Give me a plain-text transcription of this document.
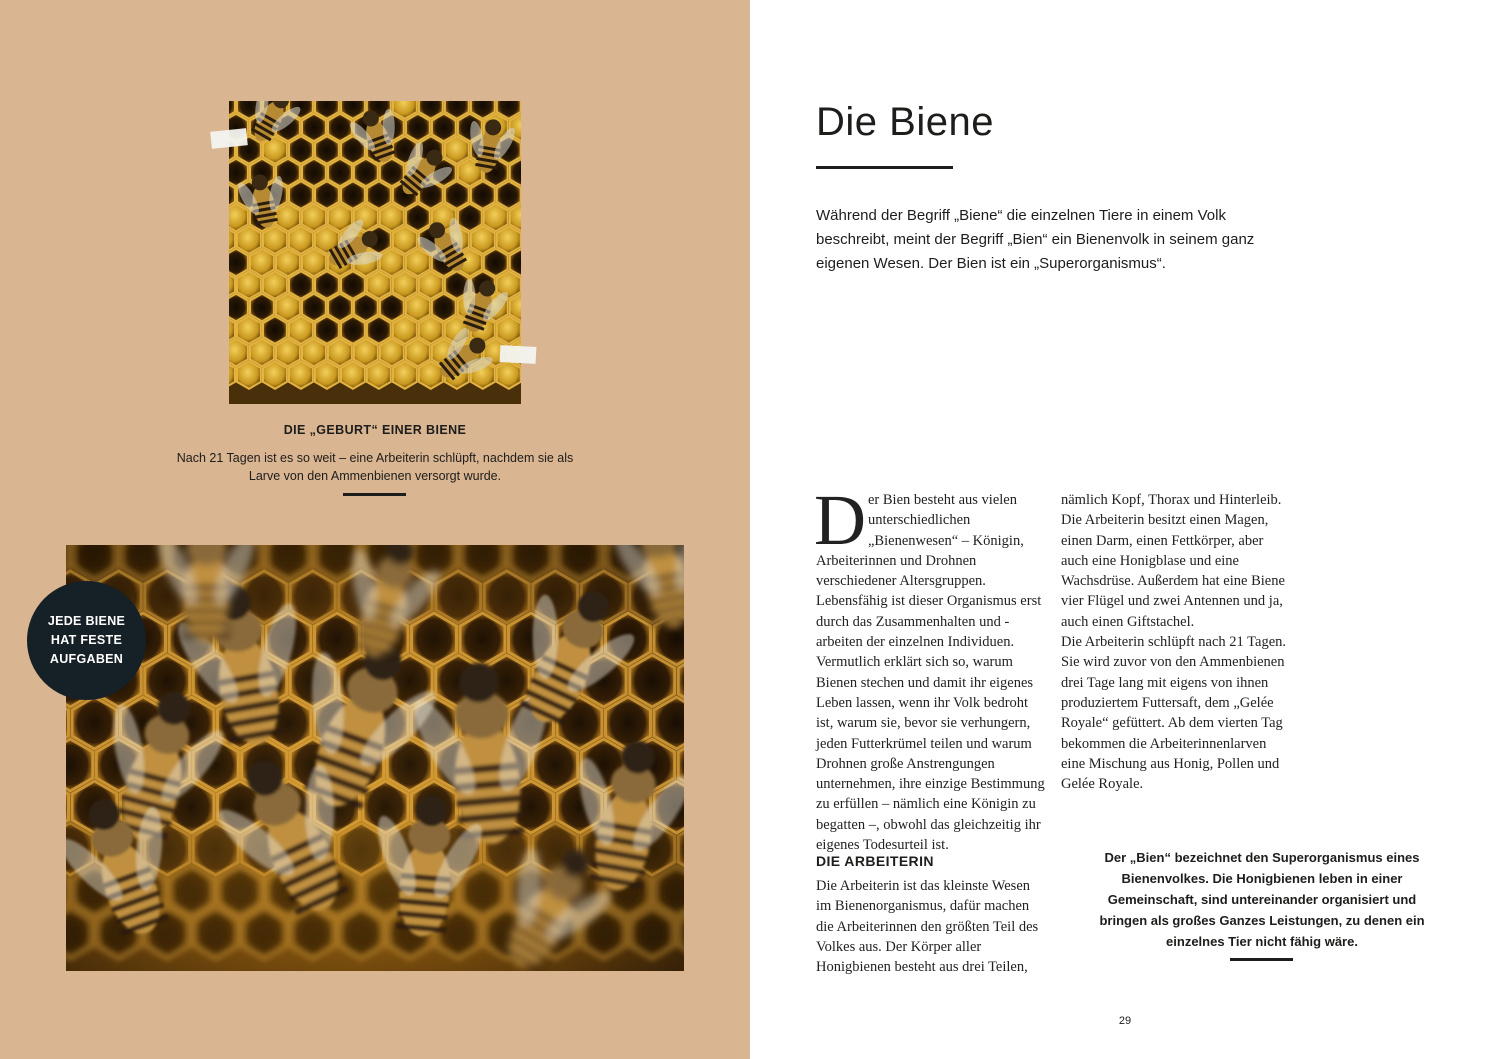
DIE „GEBURT“ EINER BIENE
Nach 21 Tagen ist es so weit – eine Arbeiterin schlüpft, nachdem sie als Larve von den Ammenbienen versorgt wurde.
JEDE BIENE
HAT FESTE
AUFGABEN
Die Biene

Während der Begriff „Biene“ die einzelnen Tiere in einem Volk beschreibt, meint der Begriff „Bien“ ein Bienenvolk in seinem ganz eigenen Wesen. Der Bien ist ein „Superorganismus“.

D er Bien besteht aus vielen unterschiedlichen „Bienenwesen“ – Königin, Arbeiterinnen und Drohnen verschiedener Altersgruppen. Lebensfähig ist dieser Organismus erst durch das Zusammenhalten und -arbeiten der einzelnen Individuen. Vermutlich erklärt sich so, warum Bienen stechen und damit ihr eigenes Leben lassen, wenn ihr Volk bedroht ist, warum sie, bevor sie verhungern, jeden Futterkrümel teilen und warum Drohnen große Anstrengungen unternehmen, ihre einzige Bestimmung zu erfüllen – nämlich eine Königin zu begatten –, obwohl das gleichzeitig ihr eigenes Todesurteil ist.
DIE ARBEITERIN
Die Arbeiterin ist das kleinste Wesen im Bienenorganismus, dafür machen die Arbeiterinnen den größten Teil des Volkes aus. Der Körper aller Honigbienen besteht aus drei Teilen,

nämlich Kopf, Thorax und Hinterleib. Die Arbeiterin besitzt einen Magen, einen Darm, einen Fettkörper, aber auch eine Honigblase und eine Wachsdrüse. Außerdem hat eine Biene vier Flügel und zwei Antennen und ja, auch einen Giftstachel.

Die Arbeiterin schlüpft nach 21 Tagen. Sie wird zuvor von den Ammenbienen drei Tage lang mit eigens von ihnen produziertem Futtersaft, dem „Gelée Royale“ gefüttert. Ab dem vierten Tag bekommen die Arbeiterinnenlarven eine Mischung aus Honig, Pollen und Gelée Royale.

Der „Bien“ bezeichnet den Superorganismus eines Bienenvolkes. Die Honigbienen leben in einer Gemeinschaft, sind untereinander organisiert und bringen als großes Ganzes Leistungen, zu denen ein einzelnes Tier nicht fähig wäre.

29
